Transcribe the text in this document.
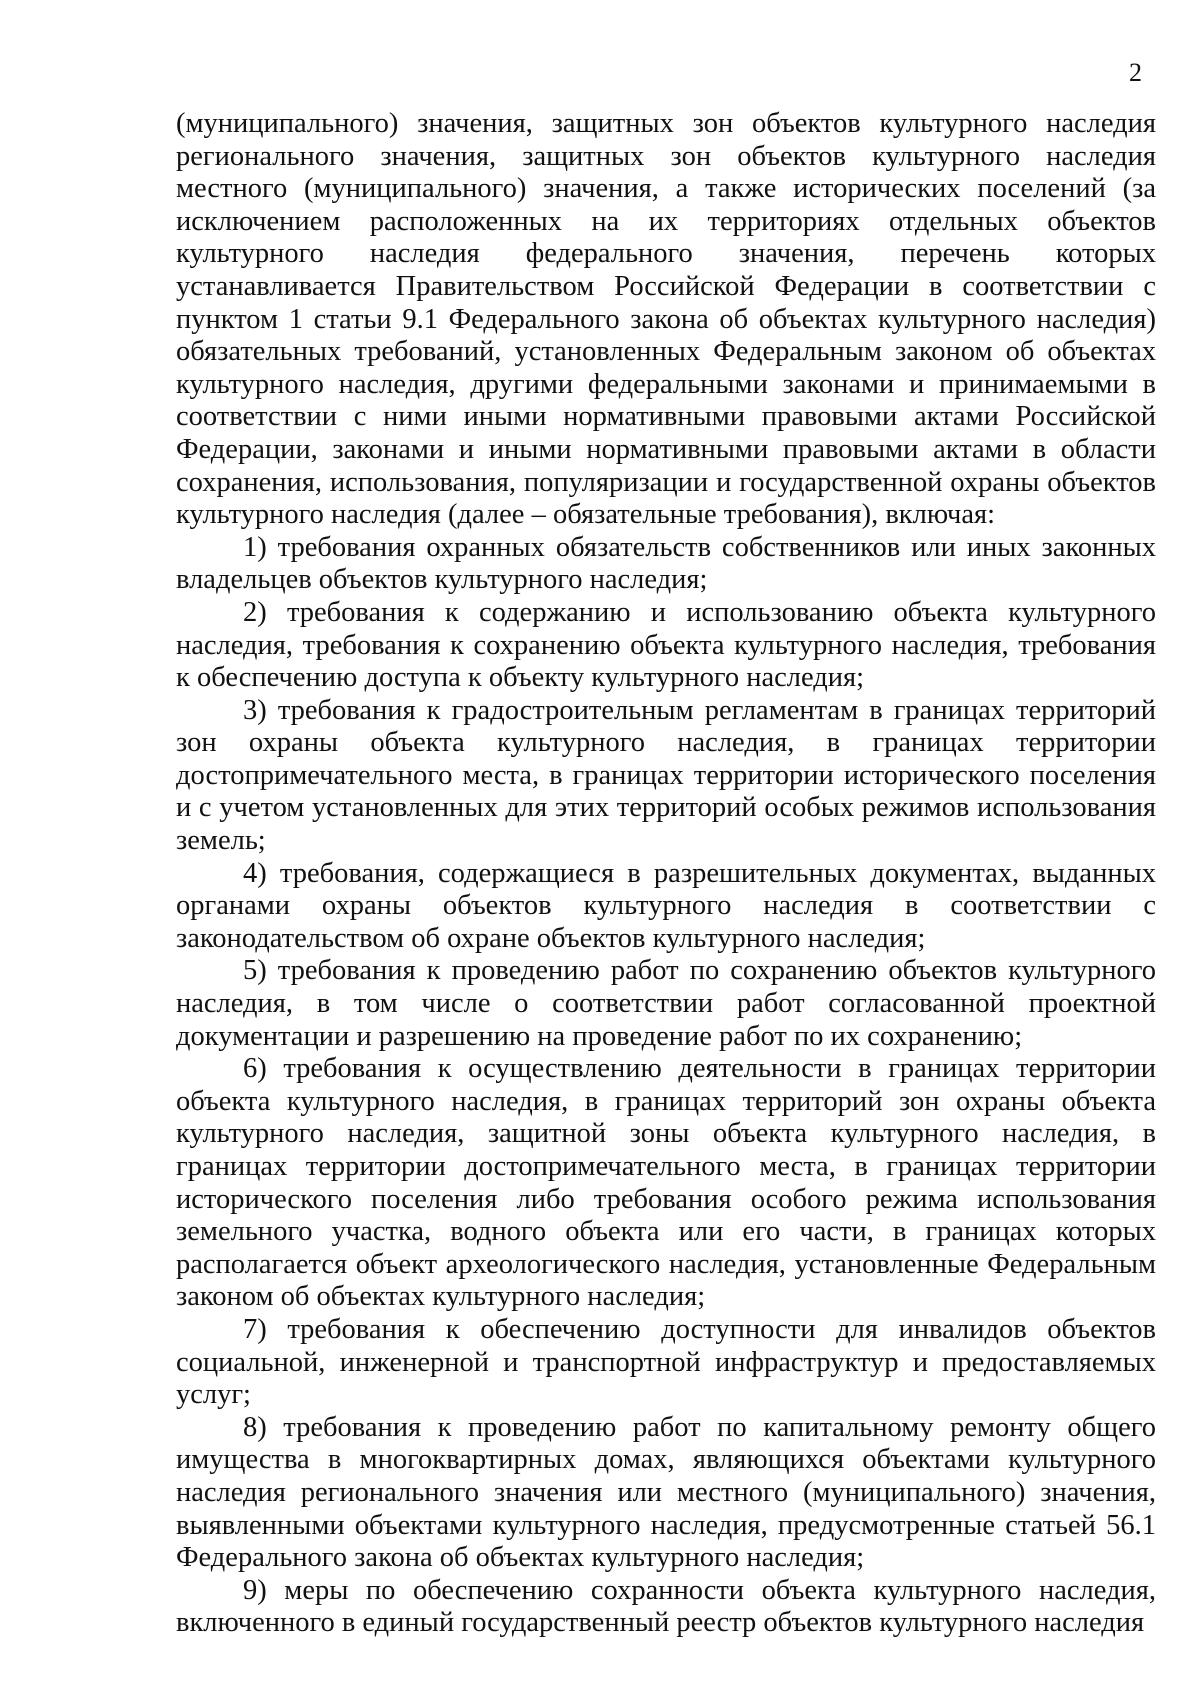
2

(муниципального) значения, защитных зон объектов культурного наследия регионального значения, защитных зон объектов культурного наследия местного (муниципального) значения, а также исторических поселений (за исключением расположенных на их территориях отдельных объектов культурного наследия федерального значения, перечень которых устанавливается Правительством Российской Федерации в соответствии с пунктом 1 статьи 9.1 Федерального закона об объектах культурного наследия) обязательных требований, установленных Федеральным законом об объектах культурного наследия, другими федеральными законами и принимаемыми в соответствии с ними иными нормативными правовыми актами Российской Федерации, законами и иными нормативными правовыми актами в области сохранения, использования, популяризации и государственной охраны объектов культурного наследия (далее – обязательные требования), включая:

1) требования охранных обязательств собственников или иных законных владельцев объектов культурного наследия;

2) требования к содержанию и использованию объекта культурного наследия, требования к сохранению объекта культурного наследия, требования к обеспечению доступа к объекту культурного наследия;

3) требования к градостроительным регламентам в границах территорий зон охраны объекта культурного наследия, в границах территории достопримечательного места, в границах территории исторического поселения и с учетом установленных для этих территорий особых режимов использования земель;

4) требования, содержащиеся в разрешительных документах, выданных органами охраны объектов культурного наследия в соответствии с законодательством об охране объектов культурного наследия;

5) требования к проведению работ по сохранению объектов культурного наследия, в том числе о соответствии работ согласованной проектной документации и разрешению на проведение работ по их сохранению;

6) требования к осуществлению деятельности в границах территории объекта культурного наследия, в границах территорий зон охраны объекта культурного наследия, защитной зоны объекта культурного наследия, в границах территории достопримечательного места, в границах территории исторического поселения либо требования особого режима использования земельного участка, водного объекта или его части, в границах которых располагается объект археологического наследия, установленные Федеральным законом об объектах культурного наследия;

7) требования к обеспечению доступности для инвалидов объектов социальной, инженерной и транспортной инфраструктур и предоставляемых услуг;

8) требования к проведению работ по капитальному ремонту общего имущества в многоквартирных домах, являющихся объектами культурного наследия регионального значения или местного (муниципального) значения, выявленными объектами культурного наследия, предусмотренные статьей 56.1 Федерального закона об объектах культурного наследия;

9) меры по обеспечению сохранности объекта культурного наследия, включенного в единый государственный реестр объектов культурного наследия
